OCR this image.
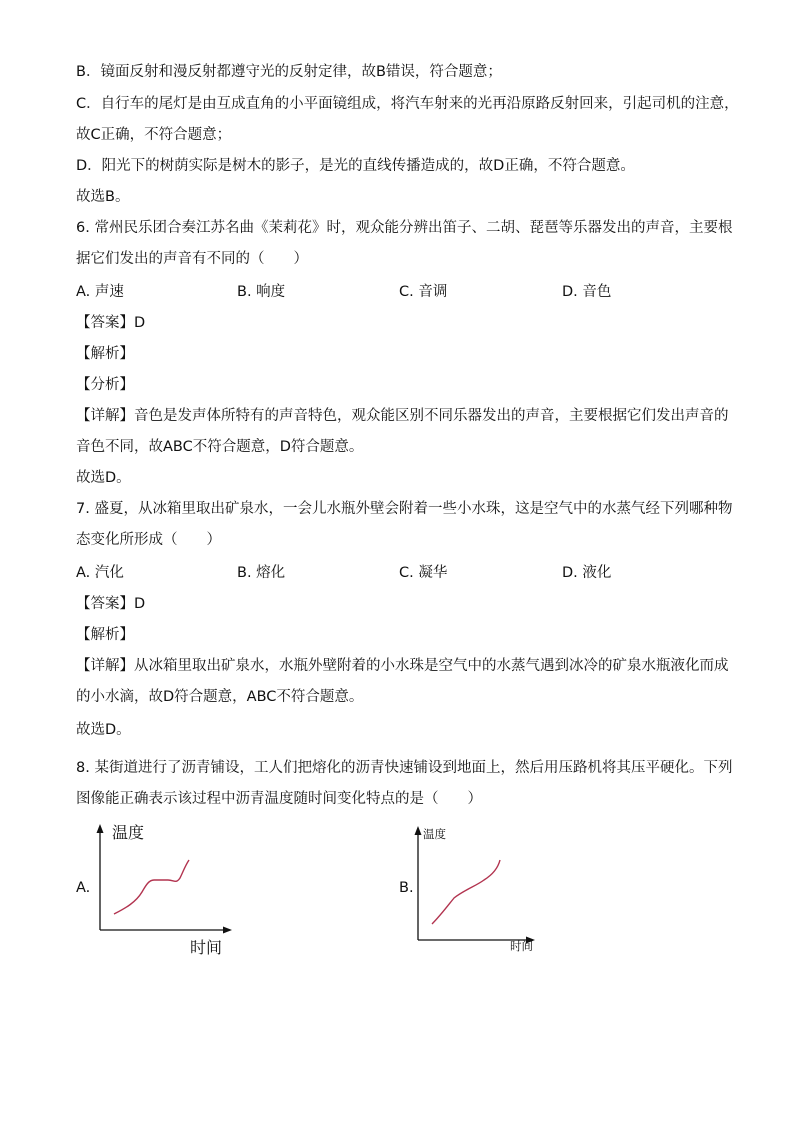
B．镜面反射和漫反射都遵守光的反射定律，故B错误，符合题意；
C．自行车的尾灯是由互成直角的小平面镜组成，将汽车射来的光再沿原路反射回来，引起司机的注意，
故C正确，不符合题意；
D．阳光下的树荫实际是树木的影子，是光的直线传播造成的，故D正确，不符合题意。
故选B。
6. 常州民乐团合奏江苏名曲《茉莉花》时，观众能分辨出笛子、二胡、琵琶等乐器发出的声音，主要根
据它们发出的声音有不同的（　　）
A. 声速	B. 响度	C. 音调	D. 音色
【答案】D
【解析】
【分析】
【详解】音色是发声体所特有的声音特色，观众能区别不同乐器发出的声音，主要根据它们发出声音的
音色不同，故ABC不符合题意，D符合题意。
故选D。
7. 盛夏，从冰箱里取出矿泉水，一会儿水瓶外壁会附着一些小水珠，这是空气中的水蒸气经下列哪种物
态变化所形成（　　）
A. 汽化	B. 熔化	C. 凝华	D. 液化
【答案】D
【解析】
【详解】从冰箱里取出矿泉水，水瓶外壁附着的小水珠是空气中的水蒸气遇到冰冷的矿泉水瓶液化而成
的小水滴，故D符合题意，ABC不符合题意。
故选D。
8. 某街道进行了沥青铺设，工人们把熔化的沥青快速铺设到地面上，然后用压路机将其压平硬化。下列
图像能正确表示该过程中沥青温度随时间变化特点的是（　　）
A.
温度
时间
B.
温度
时间
